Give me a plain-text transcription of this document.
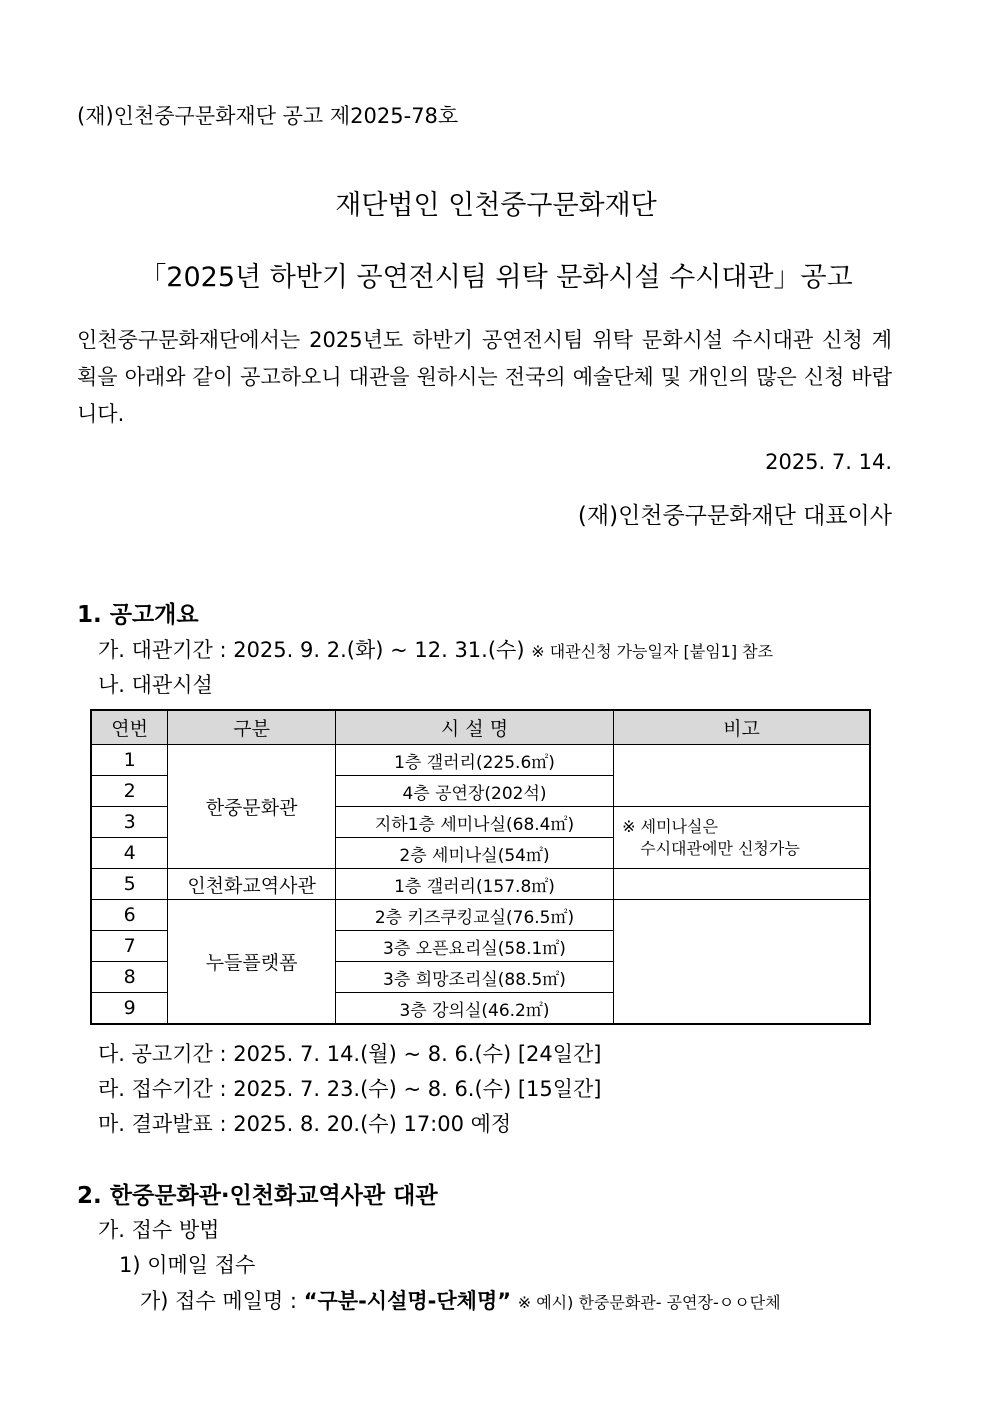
(재)인천중구문화재단 공고 제2025-78호
재단법인 인천중구문화재단
「2025년 하반기 공연전시팀 위탁 문화시설 수시대관」공고
인천중구문화재단에서는 2025년도 하반기 공연전시팀 위탁 문화시설 수시대관 신청 계획을 아래와 같이 공고하오니 대관을 원하시는 전국의 예술단체 및 개인의 많은 신청 바랍니다.
2025. 7. 14.
(재)인천중구문화재단 대표이사
1. 공고개요
가. 대관기간 : 2025. 9. 2.(화) ~ 12. 31.(수) ※ 대관신청 가능일자 [붙임1] 참조
나. 대관시설
연번	구분	시 설 명	비고
1	한중문화관	1층 갤러리(225.6㎡)	
2		4층 공연장(202석)	
3		지하1층 세미나실(68.4㎡)	※ 세미나실은
수시대관에만 신청가능

4		2층 세미나실(54㎡)	
5	인천화교역사관	1층 갤러리(157.8㎡)	
6	누들플랫폼	2층 키즈쿠킹교실(76.5㎡)	
7		3층 오픈요리실(58.1㎡)	
8		3층 희망조리실(88.5㎡)	
9		3층 강의실(46.2㎡)	
다. 공고기간 : 2025. 7. 14.(월) ~ 8. 6.(수) [24일간]
라. 접수기간 : 2025. 7. 23.(수) ~ 8. 6.(수) [15일간]
마. 결과발표 : 2025. 8. 20.(수) 17:00 예정
2. 한중문화관·인천화교역사관 대관
가. 접수 방법
1) 이메일 접수
가) 접수 메일명 : “구분-시설명-단체명” ※ 예시) 한중문화관- 공연장-ㅇㅇ단체
